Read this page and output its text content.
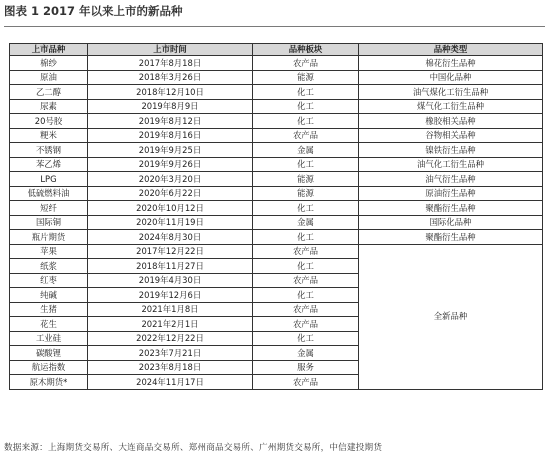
图表 1 2017 年以来上市的新品种
上市品种	上市时间	品种板块	品种类型
棉纱	2017年8月18日	农产品	棉花衍生品种
原油	2018年3月26日	能源	中国化品种
乙二醇	2018年12月10日	化工	油气煤化工衍生品种
尿素	2019年8月9日	化工	煤气化工衍生品种
20号胶	2019年8月12日	化工	橡胶相关品种
粳米	2019年8月16日	农产品	谷物相关品种
不锈钢	2019年9月25日	金属	镍铁衍生品种
苯乙烯	2019年9月26日	化工	油气化工衍生品种
LPG	2020年3月20日	能源	油气衍生品种
低硫燃料油	2020年6月22日	能源	原油衍生品种
短纤	2020年10月12日	化工	聚酯衍生品种
国际铜	2020年11月19日	金属	国际化品种
瓶片期货	2024年8月30日	化工	聚酯衍生品种
苹果	2017年12月22日	农产品	全新品种
纸浆	2018年11月27日	化工	
红枣	2019年4月30日	农产品	
纯碱	2019年12月6日	化工	
生猪	2021年1月8日	农产品	
花生	2021年2月1日	农产品	
工业硅	2022年12月22日	化工	
碳酸锂	2023年7月21日	金属	
航运指数	2023年8月18日	服务	
原木期货*	2024年11月17日	农产品	
数据来源：上海期货交易所、大连商品交易所、郑州商品交易所、广州期货交易所，中信建投期货
